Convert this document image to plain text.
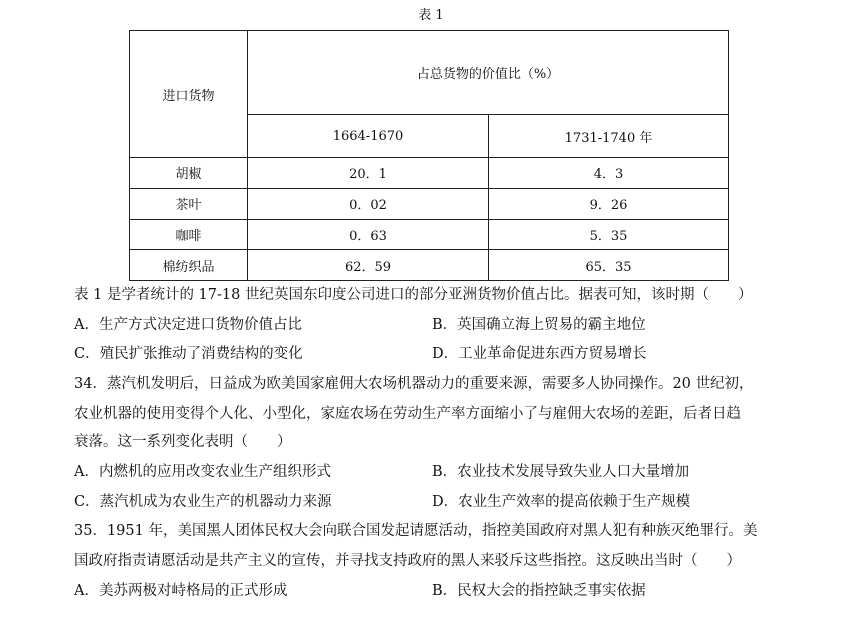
表 1
进口货物	占总货物的价值比（%）	
	1664-1670	1731-1740 年
胡椒	20．1	4．3
茶叶	0．02	9．26
咖啡	0．63	5．35
棉纺织品	62．59	65．35
表 1 是学者统计的 17-18 世纪英国东印度公司进口的部分亚洲货物价值占比。据表可知，该时期（　　）
A．生产方式决定进口货物价值占比	B．英国确立海上贸易的霸主地位
C．殖民扩张推动了消费结构的变化	D．工业革命促进东西方贸易增长
34．蒸汽机发明后，日益成为欧美国家雇佣大农场机器动力的重要来源，需要多人协同操作。20 世纪初，
农业机器的使用变得个人化、小型化，家庭农场在劳动生产率方面缩小了与雇佣大农场的差距，后者日趋
衰落。这一系列变化表明（　　）
A．内燃机的应用改变农业生产组织形式	B．农业技术发展导致失业人口大量增加
C．蒸汽机成为农业生产的机器动力来源	D．农业生产效率的提高依赖于生产规模
35．1951 年，美国黑人团体民权大会向联合国发起请愿活动，指控美国政府对黑人犯有种族灭绝罪行。美
国政府指责请愿活动是共产主义的宣传，并寻找支持政府的黑人来驳斥这些指控。这反映出当时（　　）
A．美苏两极对峙格局的正式形成	B．民权大会的指控缺乏事实依据
